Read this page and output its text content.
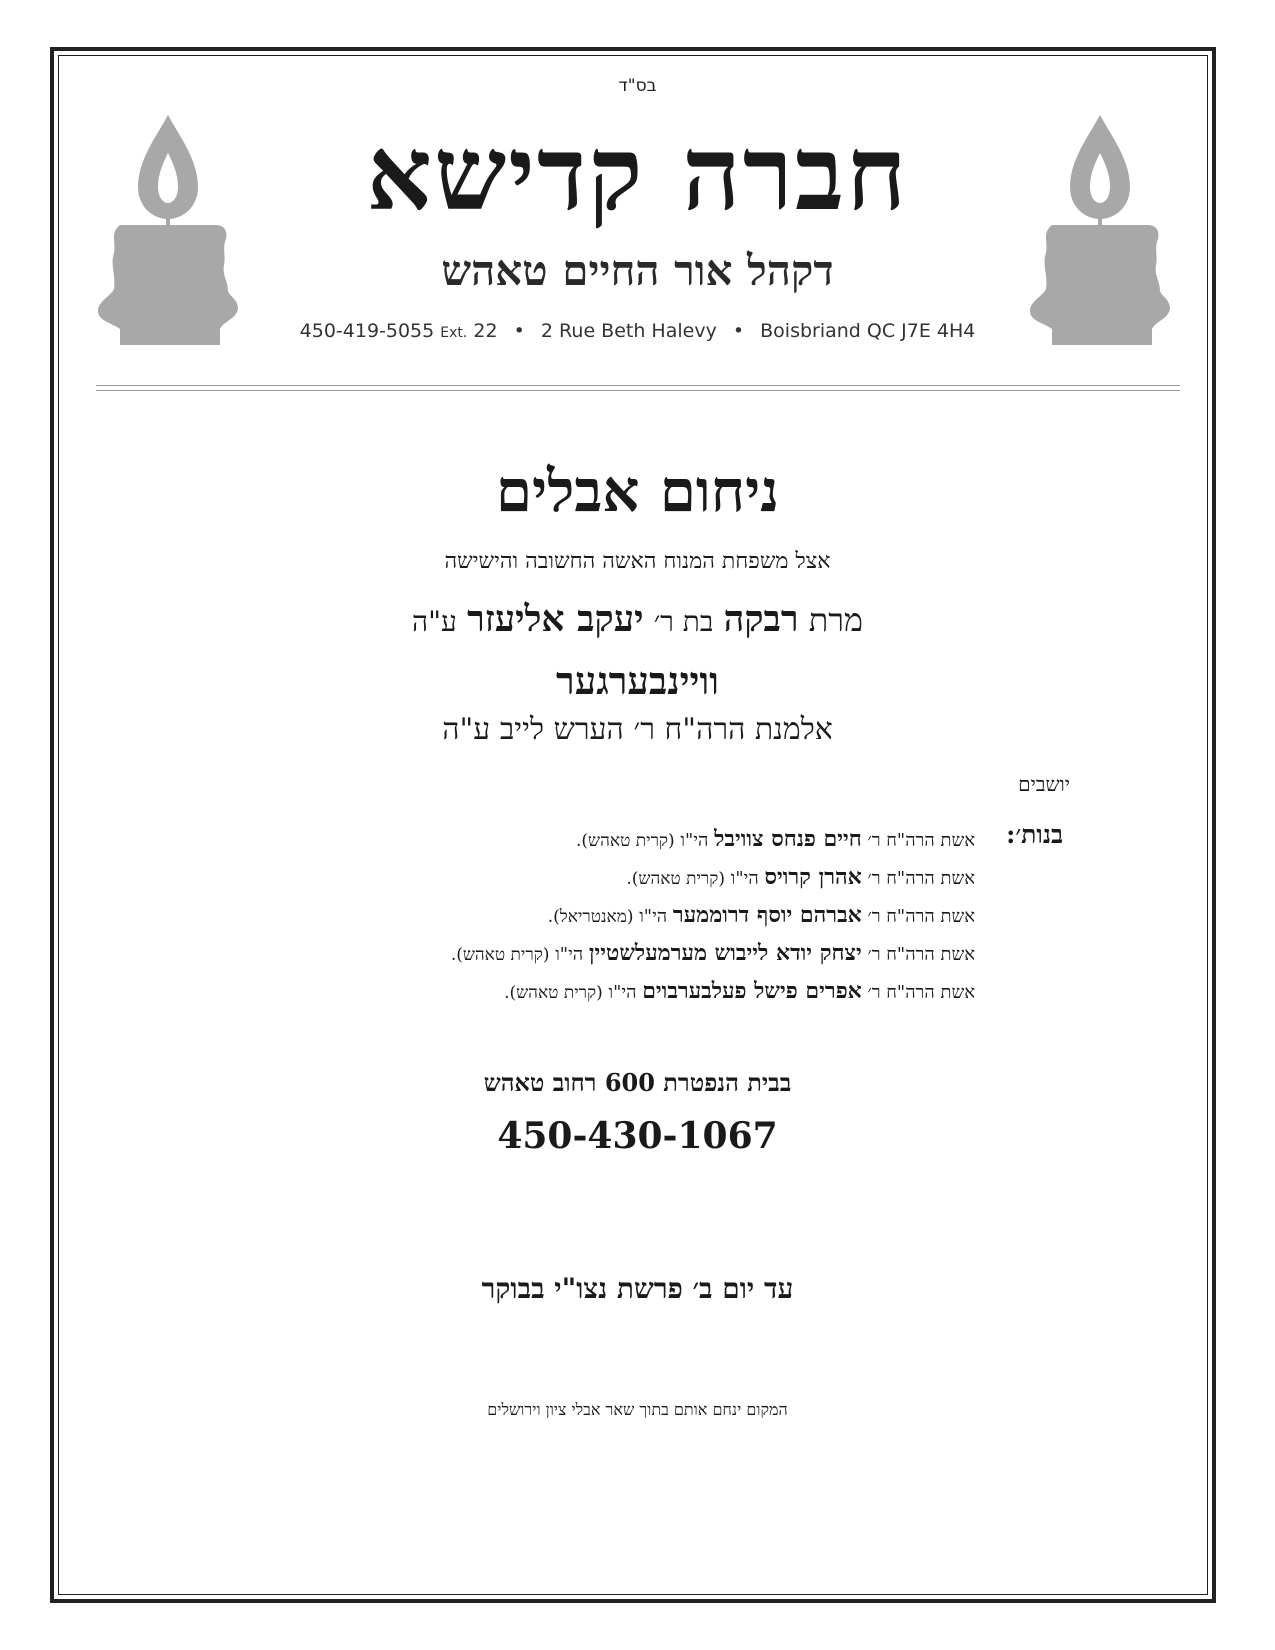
בס"ד
חברה קדישא
דקהל אור החיים טאהש
450-419-5055 Ext. 22 • 2 Rue Beth Halevy • Boisbriand QC J7E 4H4
ניחום אבלים
אצל משפחת המנוח האשה החשובה והישישה
מרת רבקה בת ר׳ יעקב אליעזר ע"ה
וויינבערגער
אלמנת הרה"ח ר׳ הערש לייב ע"ה
יושבים
בנות׳:
אשת הרה"ח ר׳ חיים פנחס צוויבל הי"ו (קרית טאהש).
אשת הרה"ח ר׳ אהרן קרויס הי"ו (קרית טאהש).
אשת הרה"ח ר׳ אברהם יוסף דרוממער הי"ו (מאנטריאל).
אשת הרה"ח ר׳ יצחק יודא לייבוש מערמעלשטיין הי"ו (קרית טאהש).
אשת הרה"ח ר׳ אפרים פישל פעלבערבוים הי"ו (קרית טאהש).
בבית הנפטרת 600 רחוב טאהש
450-430-1067
עד יום ב׳ פרשת נצו"י בבוקר
המקום ינחם אותם בתוך שאר אבלי ציון וירושלים
